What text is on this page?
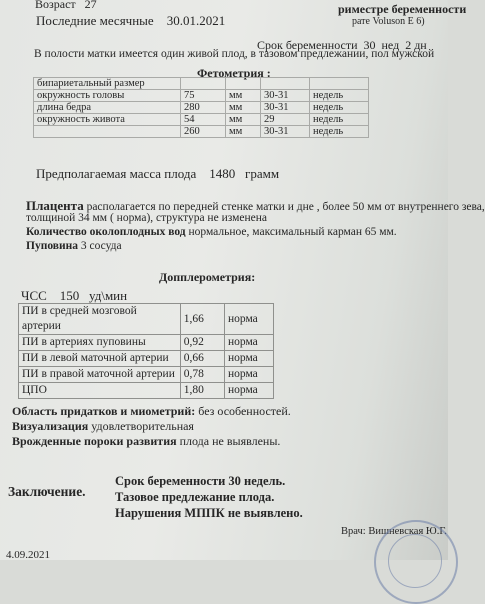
Возраст 27	риместре беременности
рате Voluson E 6)
Последние месячные 30.01.2021
Срок беременности 30 нед 2 дн
В полости матки имеется один живой плод, в тазовом предлежании, пол мужской
Фетометрия :
бипариетальный размер				
окружность головы	75	мм	30-31	недель
длина бедра	280	мм	30-31	недель
окружность живота	54	мм	29	недель
	260	мм	30-31	недель
Предполагаемая масса плода 1480 грамм
Плацента располагается по передней стенке матки и дне , более 50 мм от внутреннего зева,
толщиной 34 мм ( норма), структура не изменена
Количество околоплодных вод нормальное, максимальный карман 65 мм.
Пуповина 3 сосуда
Допплерометрия:
ЧСС 150 уд\мин
ПИ в средней мозговой артерии	1,66	норма
ПИ в артериях пуповины	0,92	норма
ПИ в левой маточной артерии	0,66	норма
ПИ в правой маточной артерии	0,78	норма
ЦПО	1,80	норма
Область придатков и миометрий: без особенностей.
Визуализация удовлетворительная
Врожденные пороки развития плода не выявлены.
Заключение.
Срок беременности 30 недель.
Тазовое предлежание плода.
Нарушения МППК не выявлено.
Врач: Вишневская Ю.Г.
4.09.2021
